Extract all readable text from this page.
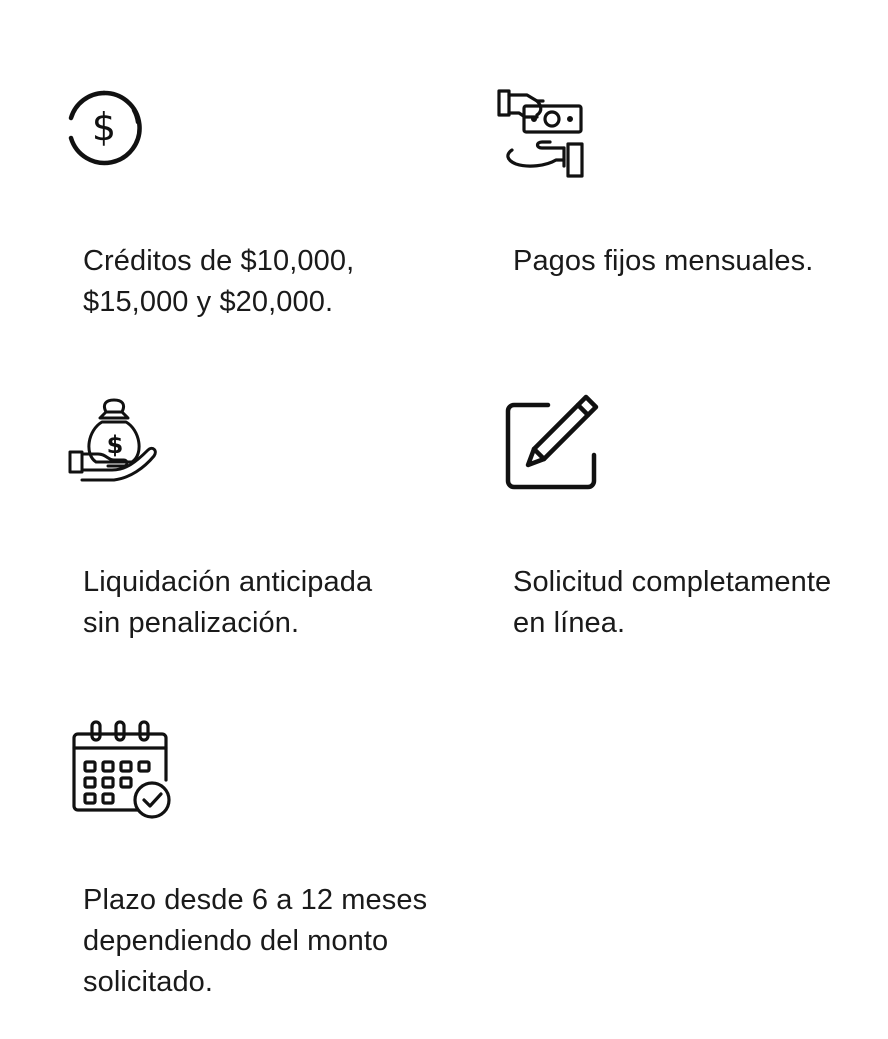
$

Créditos de $10,000,
$15,000 y $20,000.

Pagos fijos mensuales.

$

Liquidación anticipada
sin penalización.

Solicitud completamente
en línea.

Plazo desde 6 a 12 meses
dependiendo del monto
solicitado.
